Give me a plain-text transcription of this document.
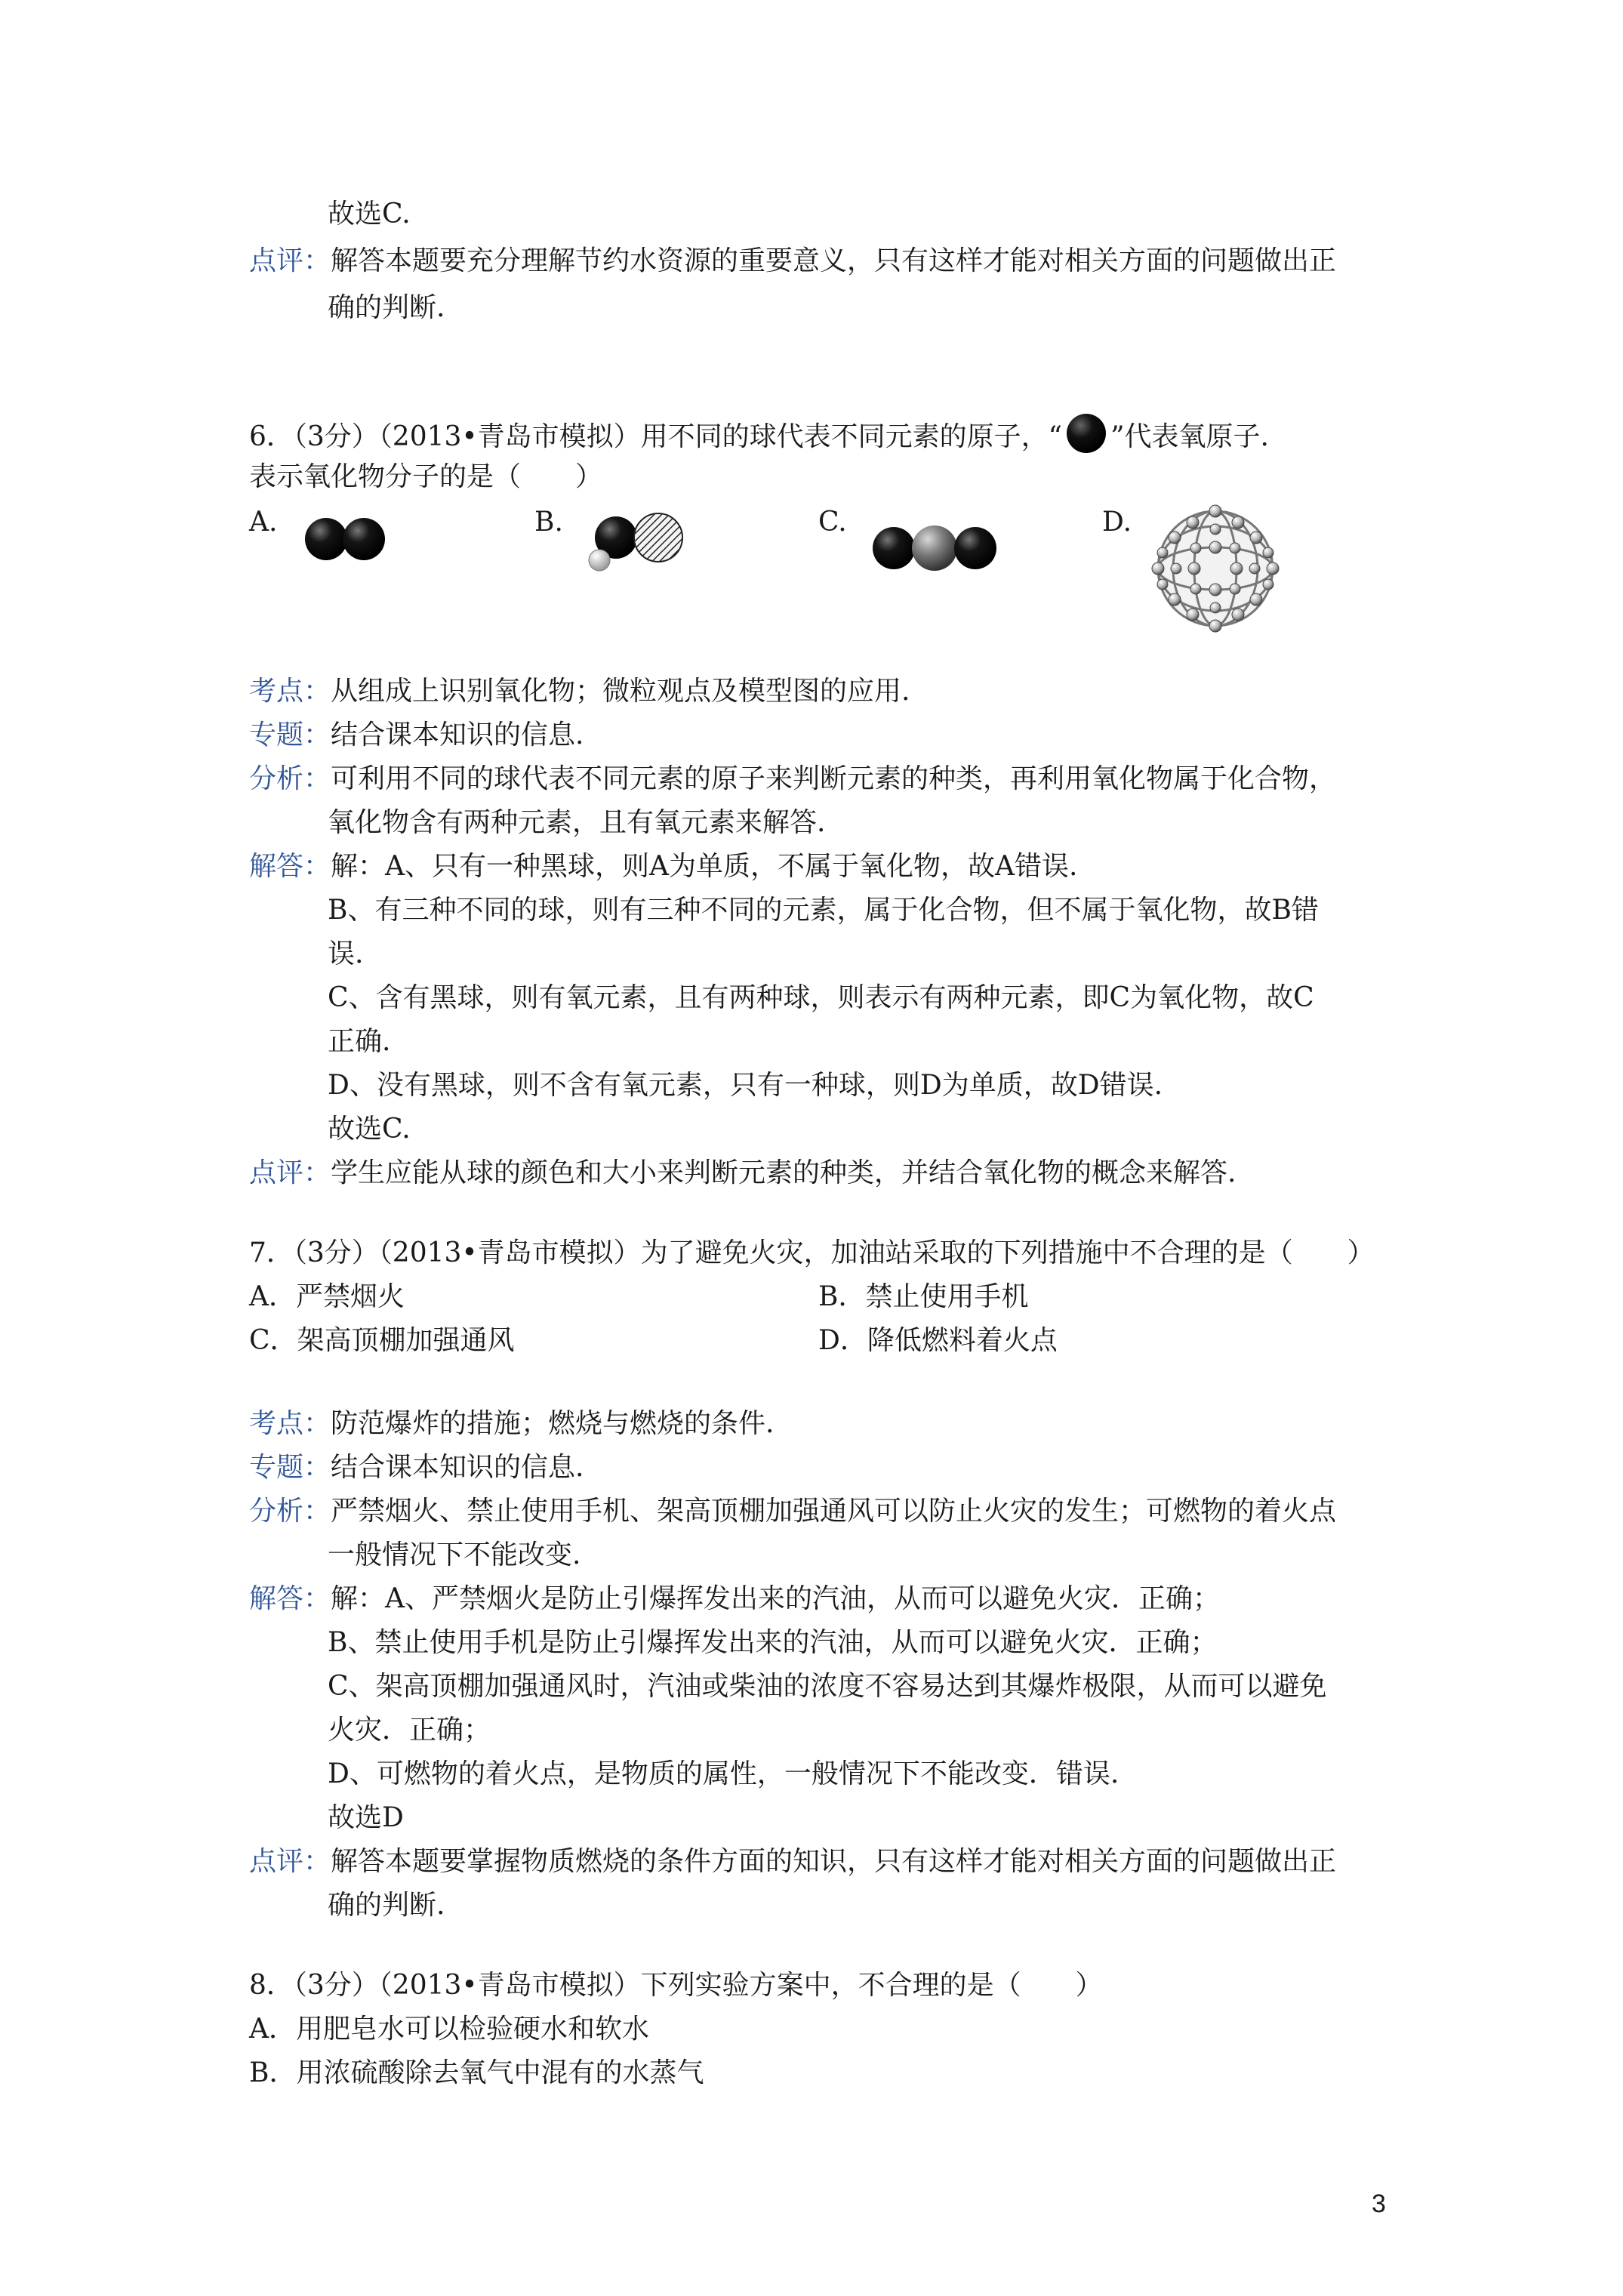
故选C.
点评：解答本题要充分理解节约水资源的重要意义，只有这样才能对相关方面的问题做出正
确的判断.
6．（3分）（2013•青岛市模拟）用不同的球代表不同元素的原子，“ ”代表氧原子.
表示氧化物分子的是（　　）
A.	B.	C.	D.
考点：从组成上识别氧化物；微粒观点及模型图的应用.
专题：结合课本知识的信息.
分析：可利用不同的球代表不同元素的原子来判断元素的种类，再利用氧化物属于化合物，
氧化物含有两种元素，且有氧元素来解答.
解答：解：A、只有一种黑球，则A为单质，不属于氧化物，故A错误.
B、有三种不同的球，则有三种不同的元素，属于化合物，但不属于氧化物，故B错
误.
C、含有黑球，则有氧元素，且有两种球，则表示有两种元素，即C为氧化物，故C
正确.
D、没有黑球，则不含有氧元素，只有一种球，则D为单质，故D错误.
故选C.
点评：学生应能从球的颜色和大小来判断元素的种类，并结合氧化物的概念来解答.
7．（3分）（2013•青岛市模拟）为了避免火灾，加油站采取的下列措施中不合理的是（　　）
A．严禁烟火	B．禁止使用手机
C．架高顶棚加强通风	D．降低燃料着火点
考点：防范爆炸的措施；燃烧与燃烧的条件.
专题：结合课本知识的信息.
分析：严禁烟火、禁止使用手机、架高顶棚加强通风可以防止火灾的发生；可燃物的着火点
一般情况下不能改变.
解答：解：A、严禁烟火是防止引爆挥发出来的汽油，从而可以避免火灾．正确；
B、禁止使用手机是防止引爆挥发出来的汽油，从而可以避免火灾．正确；
C、架高顶棚加强通风时，汽油或柴油的浓度不容易达到其爆炸极限，从而可以避免
火灾．正确；
D、可燃物的着火点，是物质的属性，一般情况下不能改变．错误.
故选D
点评：解答本题要掌握物质燃烧的条件方面的知识，只有这样才能对相关方面的问题做出正
确的判断.
8．（3分）（2013•青岛市模拟）下列实验方案中，不合理的是（　　）
A．用肥皂水可以检验硬水和软水
B．用浓硫酸除去氧气中混有的水蒸气
3
